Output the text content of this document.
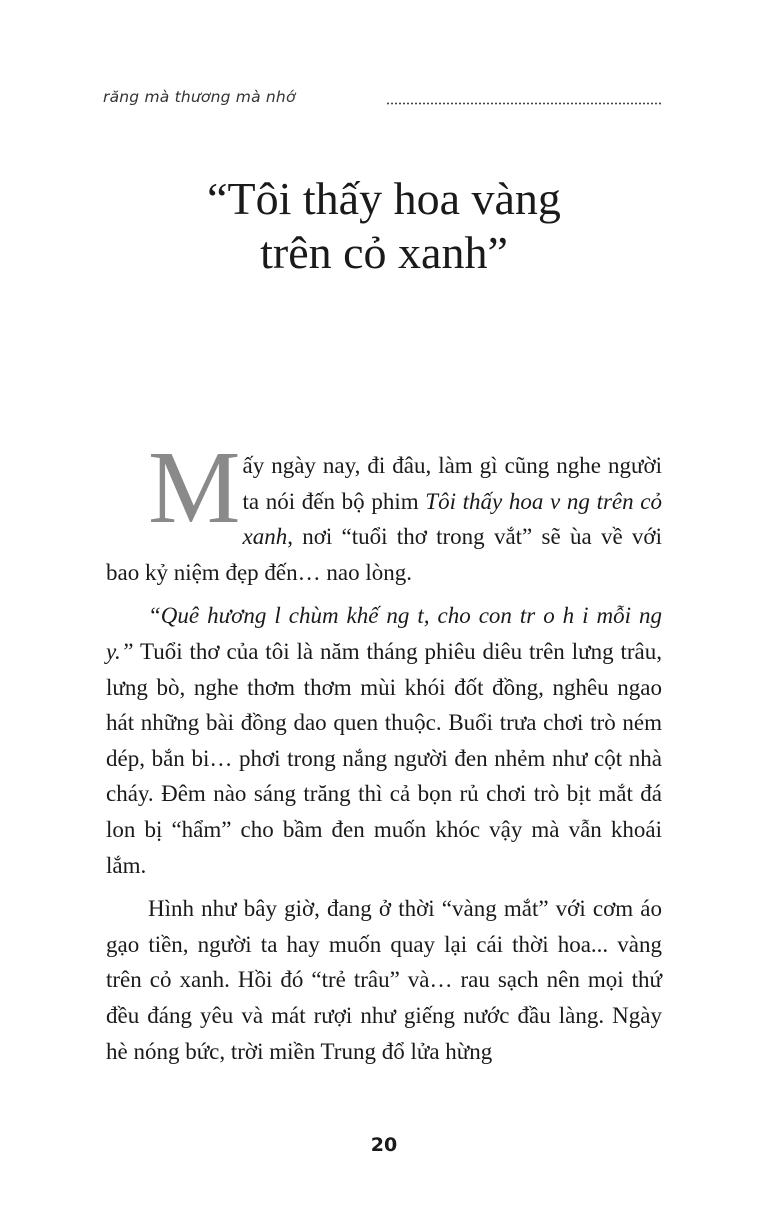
răng mà thương mà nhớ
“Tôi thấy hoa vàng
trên cỏ xanh”

Mấy ngày nay, đi đâu, làm gì cũng nghe người ta nói đến bộ phim Tôi thấy hoa v ng trên cỏ xanh, nơi “tuổi thơ trong vắt” sẽ ùa về với bao kỷ niệm đẹp đến… nao lòng.

“Quê hương l chùm khế ng t, cho con tr o h i mỗi ng y.” Tuổi thơ của tôi là năm tháng phiêu diêu trên lưng trâu, lưng bò, nghe thơm thơm mùi khói đốt đồng, nghêu ngao hát những bài đồng dao quen thuộc. Buổi trưa chơi trò ném dép, bắn bi… phơi trong nắng người đen nhẻm như cột nhà cháy. Đêm nào sáng trăng thì cả bọn rủ chơi trò bịt mắt đá lon bị “hẩm” cho bầm đen muốn khóc vậy mà vẫn khoái lắm.

Hình như bây giờ, đang ở thời “vàng mắt” với cơm áo gạo tiền, người ta hay muốn quay lại cái thời hoa... vàng trên cỏ xanh. Hồi đó “trẻ trâu” và… rau sạch nên mọi thứ đều đáng yêu và mát rượi như giếng nước đầu làng. Ngày hè nóng bức, trời miền Trung đổ lửa hừng

20
